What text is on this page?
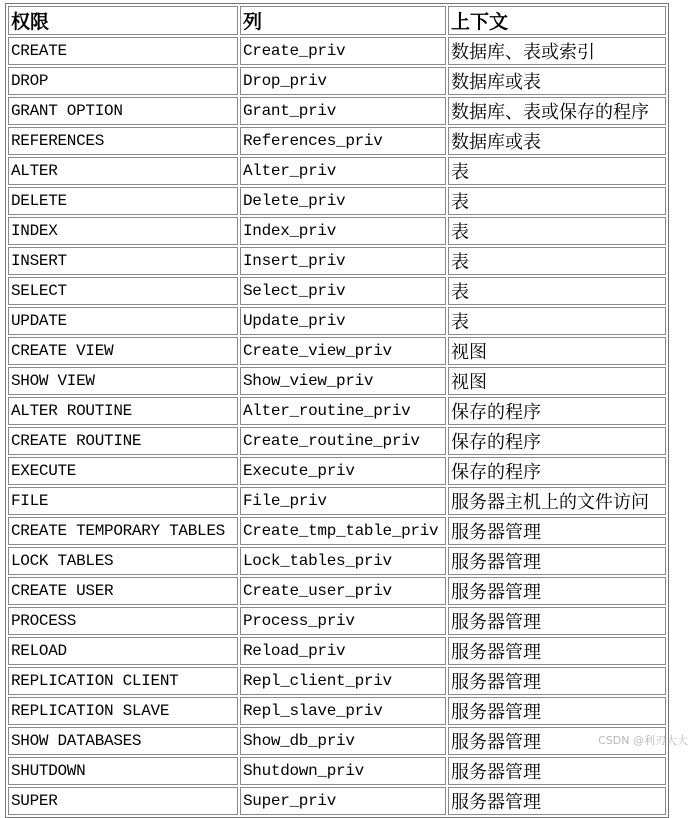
权限	列	上下文
CREATE	Create_priv	数据库、表或索引
DROP	Drop_priv	数据库或表
GRANT OPTION	Grant_priv	数据库、表或保存的程序
REFERENCES	References_priv	数据库或表
ALTER	Alter_priv	表
DELETE	Delete_priv	表
INDEX	Index_priv	表
INSERT	Insert_priv	表
SELECT	Select_priv	表
UPDATE	Update_priv	表
CREATE VIEW	Create_view_priv	视图
SHOW VIEW	Show_view_priv	视图
ALTER ROUTINE	Alter_routine_priv	保存的程序
CREATE ROUTINE	Create_routine_priv	保存的程序
EXECUTE	Execute_priv	保存的程序
FILE	File_priv	服务器主机上的文件访问
CREATE TEMPORARY TABLES	Create_tmp_table_priv	服务器管理
LOCK TABLES	Lock_tables_priv	服务器管理
CREATE USER	Create_user_priv	服务器管理
PROCESS	Process_priv	服务器管理
RELOAD	Reload_priv	服务器管理
REPLICATION CLIENT	Repl_client_priv	服务器管理
REPLICATION SLAVE	Repl_slave_priv	服务器管理
SHOW DATABASES	Show_db_priv	服务器管理
SHUTDOWN	Shutdown_priv	服务器管理
SUPER	Super_priv	服务器管理
CSDN @利刃大大
